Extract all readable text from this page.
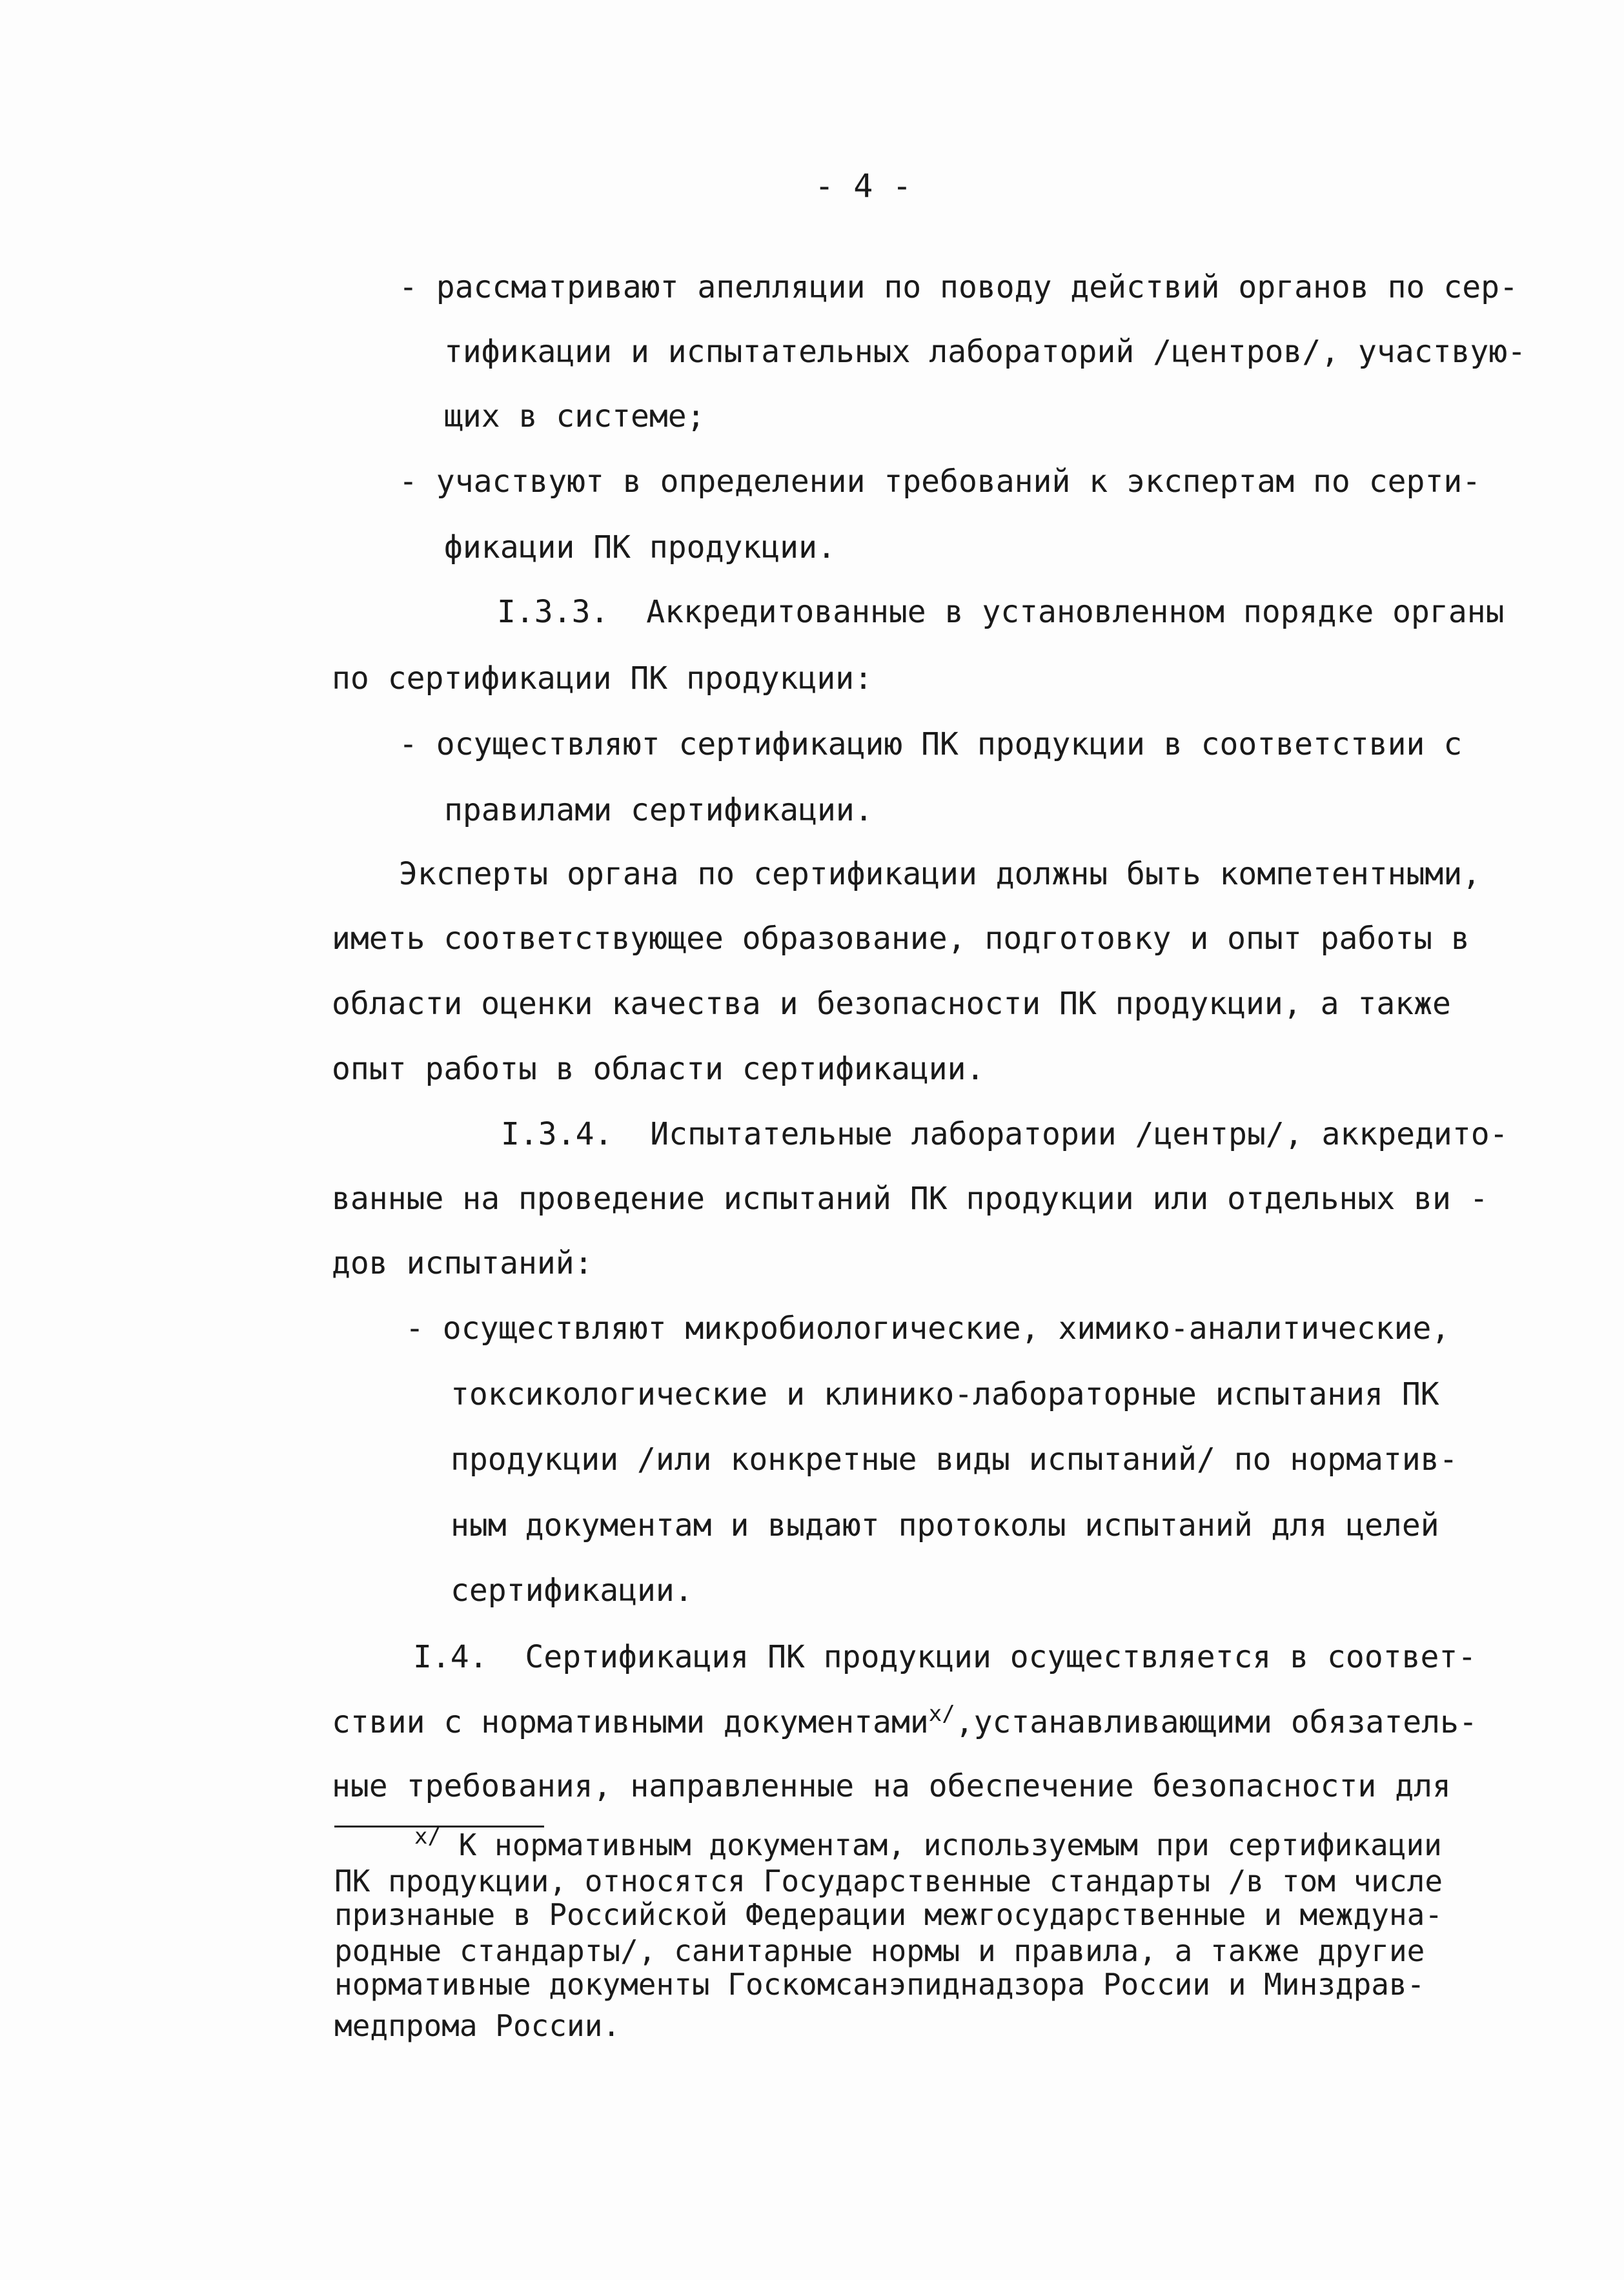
- 4 -
- рассматривают апелляции по поводу действий органов по сер-
тификации и испытательных лабораторий /центров/, участвую-
щих в системе;
- участвуют в определении требований к экспертам по серти-
фикации ПК продукции.
I.3.3.  Аккредитованные в установленном порядке органы
по сертификации ПК продукции:
- осуществляют сертификацию ПК продукции в соответствии с
правилами сертификации.
Эксперты органа по сертификации должны быть компетентными,
иметь соответствующее образование, подготовку и опыт работы в
области оценки качества и безопасности ПК продукции, а также
опыт работы в области сертификации.
I.3.4.  Испытательные лаборатории /центры/, аккредито-
ванные на проведение испытаний ПК продукции или отдельных ви -
дов испытаний:
- осуществляют микробиологические, химико-аналитические,
токсикологические и клинико-лабораторные испытания ПК
продукции /или конкретные виды испытаний/ по норматив-
ным документам и выдают протоколы испытаний для целей
сертификации.
I.4.  Сертификация ПК продукции осуществляется в соответ-
ствии с нормативными документами$^{x/}$,устанавливающими обязатель-
ные требования, направленные на обеспечение безопасности для
$^{x/}$ К нормативным документам, используемым при сертификации
ПК продукции, относятся Государственные стандарты /в том числе
признаные в Российской Федерации межгосударственные и междуна-
родные стандарты/, санитарные нормы и правила, а также другие
нормативные документы Госкомсанэпиднадзора России и Минздрав-
медпрома России.
